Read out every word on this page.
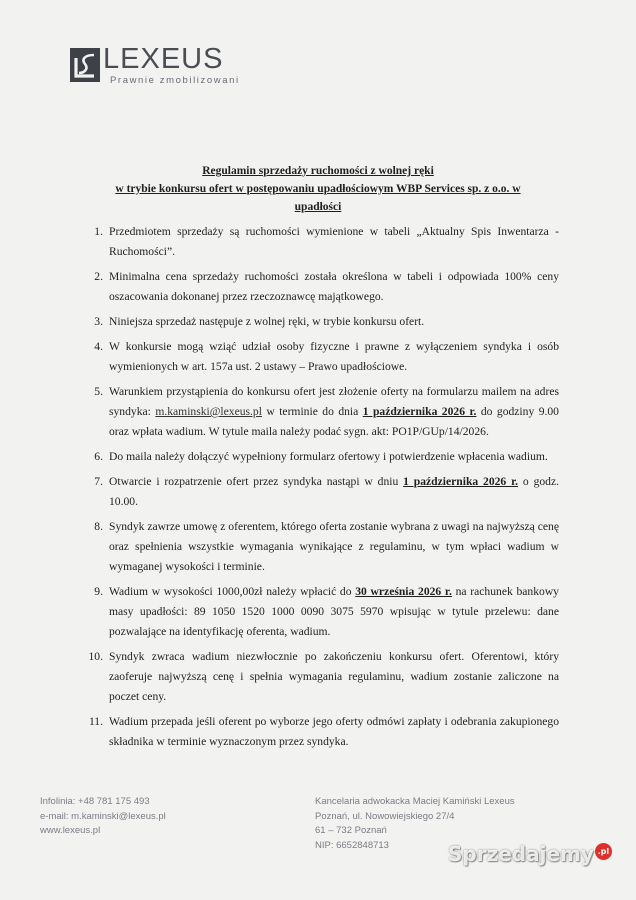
LEXEUS
Prawnie zmobilizowani
Regulamin sprzedaży ruchomości z wolnej ręki
w trybie konkursu ofert w postępowaniu upadłościowym WBP Services sp. z o.o. w
upadłości
1. Przedmiotem sprzedaży są ruchomości wymienione w tabeli „Aktualny Spis Inwentarza - Ruchomości”.
2. Minimalna cena sprzedaży ruchomości została określona w tabeli i odpowiada 100% ceny oszacowania dokonanej przez rzeczoznawcę majątkowego.
3. Niniejsza sprzedaż następuje z wolnej ręki, w trybie konkursu ofert.
4. W konkursie mogą wziąć udział osoby fizyczne i prawne z wyłączeniem syndyka i osób wymienionych w art. 157a ust. 2 ustawy – Prawo upadłościowe.
5. Warunkiem przystąpienia do konkursu ofert jest złożenie oferty na formularzu mailem na adres syndyka: m.kaminski@lexeus.pl w terminie do dnia 1 października 2026 r. do godziny 9.00 oraz wpłata wadium. W tytule maila należy podać sygn. akt: PO1P/GUp/14/2026.
6. Do maila należy dołączyć wypełniony formularz ofertowy i potwierdzenie wpłacenia wadium.
7. Otwarcie i rozpatrzenie ofert przez syndyka nastąpi w dniu 1 października 2026 r. o godz. 10.00.
8. Syndyk zawrze umowę z oferentem, którego oferta zostanie wybrana z uwagi na najwyższą cenę oraz spełnienia wszystkie wymagania wynikające z regulaminu, w tym wpłaci wadium w wymaganej wysokości i terminie.
9. Wadium w wysokości 1000,00zł należy wpłacić do 30 września 2026 r. na rachunek bankowy masy upadłości: 89 1050 1520 1000 0090 3075 5970 wpisując w tytule przelewu: dane pozwalające na identyfikację oferenta, wadium.
10. Syndyk zwraca wadium niezwłocznie po zakończeniu konkursu ofert. Oferentowi, który zaoferuje najwyższą cenę i spełnia wymagania regulaminu, wadium zostanie zaliczone na poczet ceny.
11. Wadium przepada jeśli oferent po wyborze jego oferty odmówi zapłaty i odebrania zakupionego składnika w terminie wyznaczonym przez syndyka.
Infolinia: +48 781 175 493
e-mail: m.kaminski@lexeus.pl
www.lexeus.pl
Kancelaria adwokacka Maciej Kamiński Lexeus
Poznań, ul. Nowowiejskiego 27/4
61 – 732 Poznań
NIP: 6652848713	Sprzedajemy .pl
